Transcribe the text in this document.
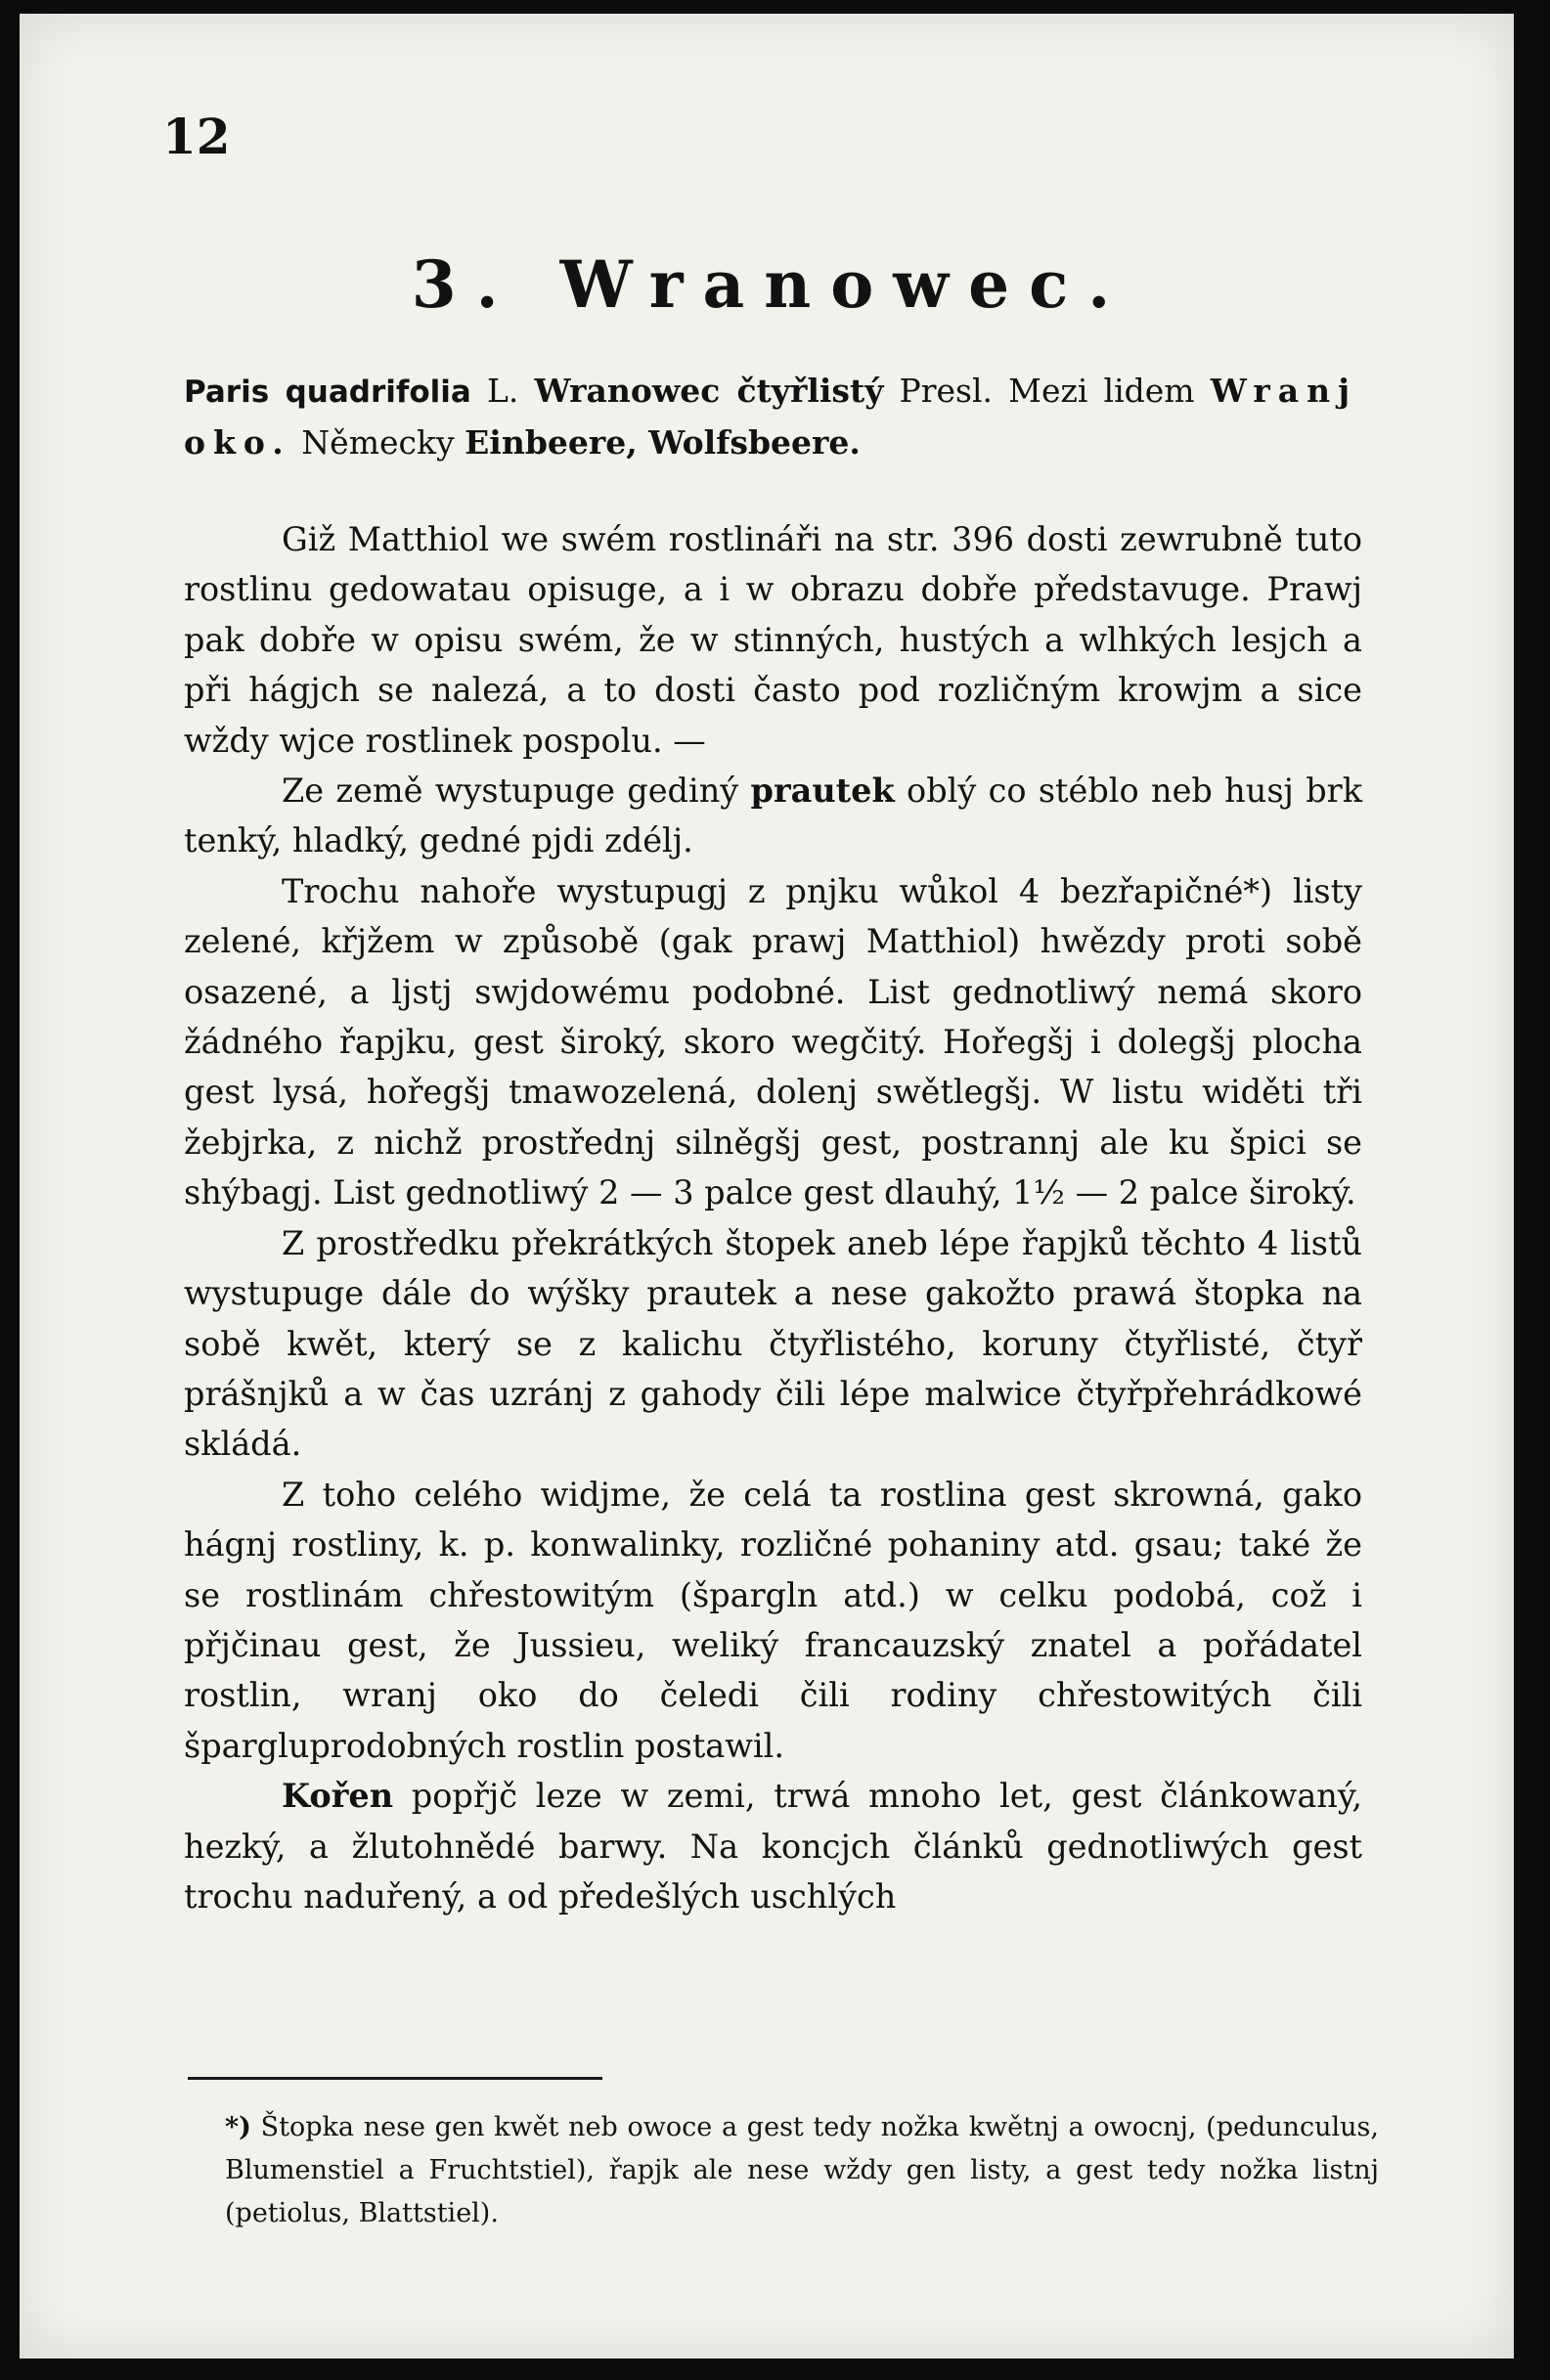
12
3. Wranowec.
Paris quadrifolia L. Wranowec čtyřlistý Presl. Mezi lidem Wranj oko. Německy Einbeere, Wolfsbeere.

Giž Matthiol we swém rostlináři na str. 396 dosti zewrubně tuto rostlinu gedowatau opisuge, a i w obrazu dobře představuge. Prawj pak dobře w opisu swém, že w stinných, hustých a wlhkých lesjch a při hágjch se nalezá, a to dosti často pod rozličným krowjm a sice wždy wjce rostlinek pospolu. —

Ze země wystupuge gediný prautek oblý co stéblo neb husj brk tenký, hladký, gedné pjdi zdélj.

Trochu nahoře wystupugj z pnjku wůkol 4 bezřapičné*) listy zelené, křjžem w způsobě (gak prawj Matthiol) hwězdy proti sobě osazené, a ljstj swjdowému podobné. List gednotliwý nemá skoro žádného řapjku, gest široký, skoro wegčitý. Hořegšj i dolegšj plocha gest lysá, hořegšj tmawozelená, dolenj swětlegšj. W listu widěti tři žebjrka, z nichž prostřednj silněgšj gest, postrannj ale ku špici se shýbagj. List gednotliwý 2 — 3 palce gest dlauhý, 1½ — 2 palce široký.

Z prostředku překrátkých štopek aneb lépe řapjků těchto 4 listů wystupuge dále do wýšky prautek a nese gakožto prawá štopka na sobě kwět, který se z kalichu čtyřlistého, koruny čtyřlisté, čtyř prášnjků a w čas uzránj z gahody čili lépe malwice čtyřpřehrádkowé skládá.

Z toho celého widjme, že celá ta rostlina gest skrowná, gako hágnj rostliny, k. p. konwalinky, rozličné pohaniny atd. gsau; také že se rostlinám chřestowitým (špargln atd.) w celku podobá, což i přjčinau gest, že Jussieu, weliký francauzský znatel a pořádatel rostlin, wranj oko do čeledi čili rodiny chřestowitých čili špargluprodobných rostlin postawil.

Kořen popřjč leze w zemi, trwá mnoho let, gest článkowaný, hezký, a žlutohnědé barwy. Na koncjch článků gednotliwých gest trochu naduřený, a od předešlých uschlých

*) Štopka nese gen kwět neb owoce a gest tedy nožka kwětnj a owocnj, (pedunculus, Blumenstiel a Fruchtstiel), řapjk ale nese wždy gen listy, a gest tedy nožka listnj (petiolus, Blattstiel).
